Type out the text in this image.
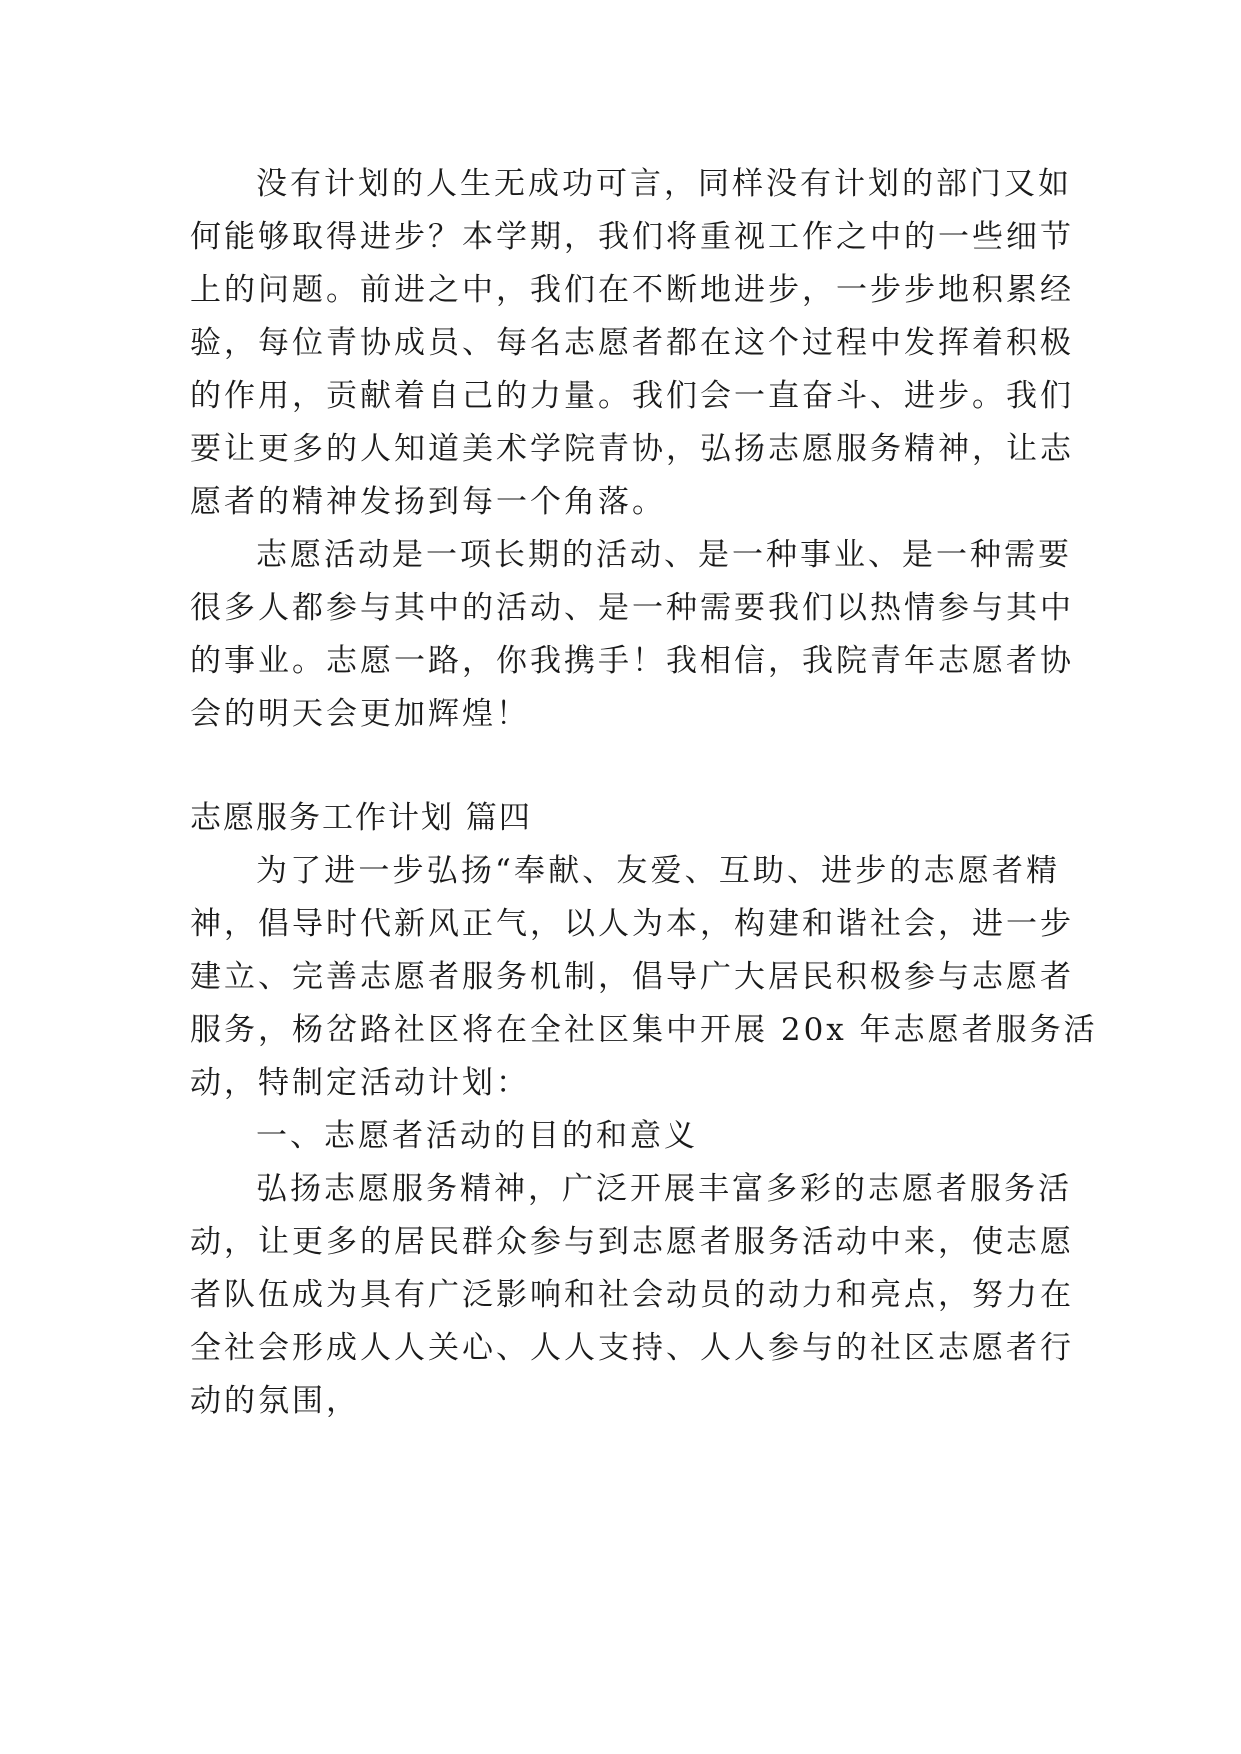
没有计划的人生无成功可言，同样没有计划的部门又如
何能够取得进步？本学期，我们将重视工作之中的一些细节
上的问题。前进之中，我们在不断地进步，一步步地积累经
验，每位青协成员、每名志愿者都在这个过程中发挥着积极
的作用，贡献着自己的力量。我们会一直奋斗、进步。我们
要让更多的人知道美术学院青协，弘扬志愿服务精神，让志
愿者的精神发扬到每一个角落。
志愿活动是一项长期的活动、是一种事业、是一种需要
很多人都参与其中的活动、是一种需要我们以热情参与其中
的事业。志愿一路，你我携手！我相信，我院青年志愿者协
会的明天会更加辉煌！
志愿服务工作计划 篇四
为了进一步弘扬“奉献、友爱、互助、进步的志愿者精
神，倡导时代新风正气，以人为本，构建和谐社会，进一步
建立、完善志愿者服务机制，倡导广大居民积极参与志愿者
服务，杨岔路社区将在全社区集中开展 20x 年志愿者服务活
动，特制定活动计划：
一、志愿者活动的目的和意义
弘扬志愿服务精神，广泛开展丰富多彩的志愿者服务活
动，让更多的居民群众参与到志愿者服务活动中来，使志愿
者队伍成为具有广泛影响和社会动员的动力和亮点，努力在
全社会形成人人关心、人人支持、人人参与的社区志愿者行
动的氛围，
